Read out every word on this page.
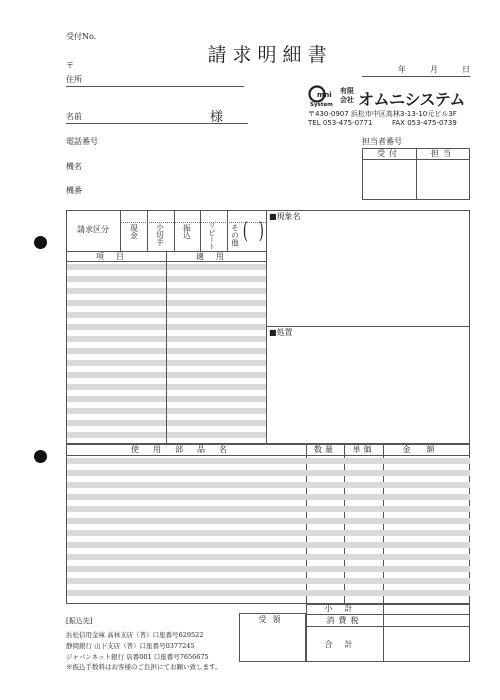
受付No.
請求明細書
〒
住所
年	月	日
名前	様
電話番号
機名
機番
mni
System
有限
会社 オムニシステム
〒430-0907 浜松市中区高林3-13-10元ビル3F
TEL 053-475-0771	FAX 053-475-0739
担当者番号
受付	担当
請求区分	現金 小切手 振込 リピート その他 ( )
項目	適用
■現象名
■処置
使用部品名	数量	単価	金額
小計
消費税
合計
受領
[振込先]
浜松信用金庫 高林支店（普）口座番号629522
静岡銀行 山下支店（普）口座番号0377245
ジャパンネット銀行 店番001 口座番号7656675
※振込手数料はお客様のご負担にてお願い致します。
